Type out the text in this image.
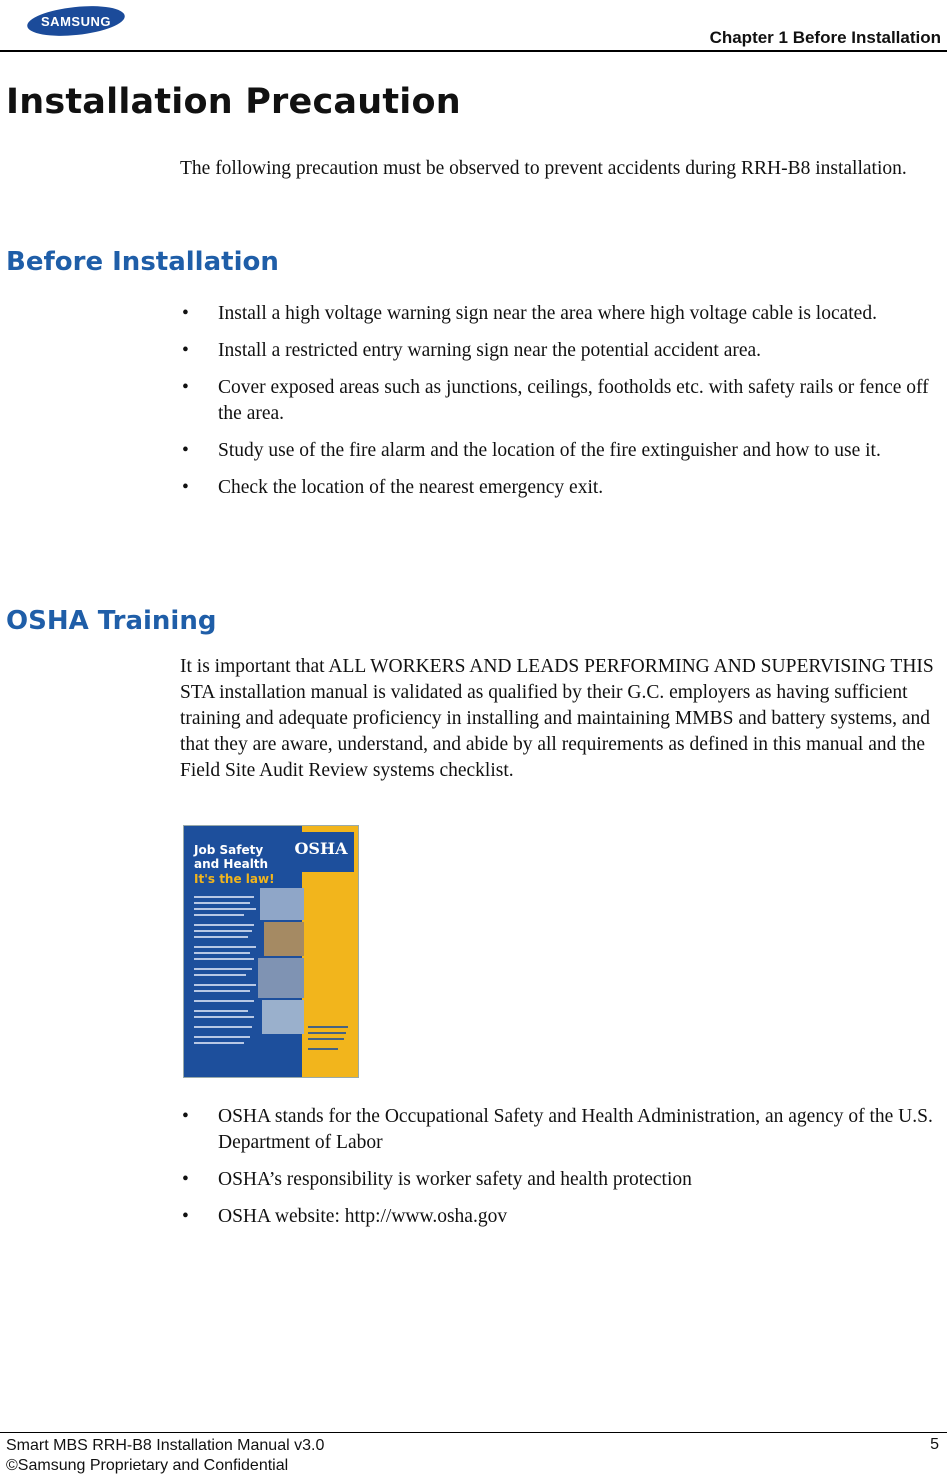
SAMSUNG
Chapter 1 Before Installation
Installation Precaution

The following precaution must be observed to prevent accidents during RRH-B8 installation.

Before Installation
• Install a high voltage warning sign near the area where high voltage cable is located.
• Install a restricted entry warning sign near the potential accident area.
• Cover exposed areas such as junctions, ceilings, footholds etc. with safety rails or fence off the area.
• Study use of the fire alarm and the location of the fire extinguisher and how to use it.
• Check the location of the nearest emergency exit.
OSHA Training

It is important that ALL WORKERS AND LEADS PERFORMING AND SUPERVISING THIS STA installation manual is validated as qualified by their G.C. employers as having sufficient training and adequate proficiency in installing and maintaining MMBS and battery systems, and that they are aware, understand, and abide by all requirements as defined in this manual and the Field Site Audit Review systems checklist.

OSHA
Job Safety
and Health
It's the law!
• OSHA stands for the Occupational Safety and Health Administration, an agency of the U.S. Department of Labor
• OSHA’s responsibility is worker safety and health protection
• OSHA website: http://www.osha.gov
Smart MBS RRH-B8 Installation Manual v3.0
©Samsung Proprietary and Confidential
5
